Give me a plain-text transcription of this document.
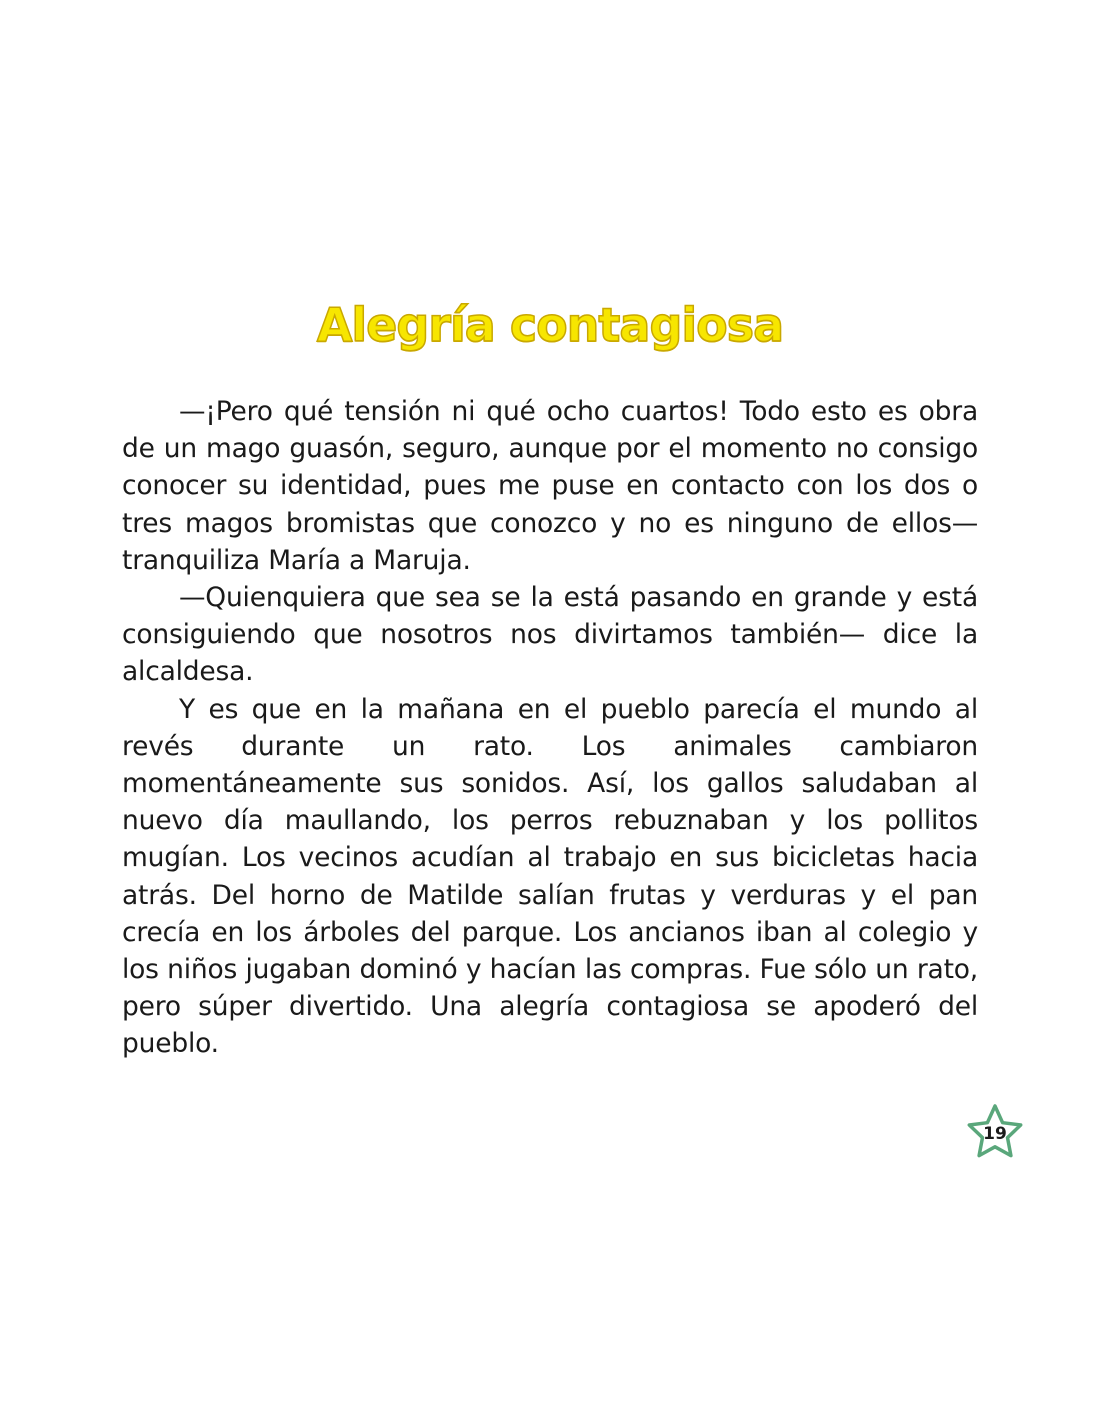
Alegría contagiosa

—¡Pero qué tensión ni qué ocho cuartos! Todo esto es obra de un mago guasón, seguro, aunque por el momento no consigo conocer su identidad, pues me puse en contacto con los dos o tres magos bromistas que conozco y no es ninguno de ellos— tranquiliza María a Maruja.

—Quienquiera que sea se la está pasando en grande y está consiguiendo que nosotros nos divirtamos también— dice la alcaldesa.

Y es que en la mañana en el pueblo parecía el mundo al revés durante un rato. Los animales cambiaron momentáneamente sus sonidos. Así, los gallos saludaban al nuevo día maullando, los perros rebuznaban y los pollitos mugían. Los vecinos acudían al trabajo en sus bicicletas hacia atrás. Del horno de Matilde salían frutas y verduras y el pan crecía en los árboles del parque. Los ancianos iban al colegio y los niños jugaban dominó y hacían las compras. Fue sólo un rato, pero súper divertido. Una alegría contagiosa se apoderó del pueblo.

19
